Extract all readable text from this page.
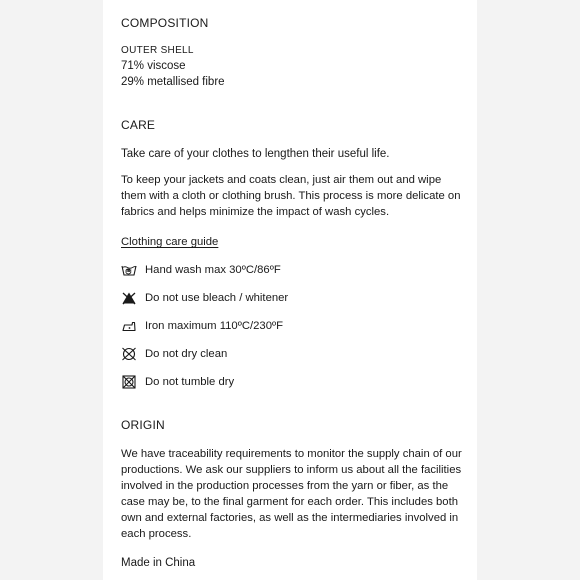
COMPOSITION
OUTER SHELL
71% viscose
29% metallised fibre
CARE
Take care of your clothes to lengthen their useful life.
To keep your jackets and coats clean, just air them out and wipe them with a cloth or clothing brush. This process is more delicate on fabrics and helps minimize the impact of wash cycles.
Clothing care guide
Hand wash max 30ºC/86ºF
Do not use bleach / whitener
Iron maximum 110ºC/230ºF
Do not dry clean
Do not tumble dry
ORIGIN
We have traceability requirements to monitor the supply chain of our productions. We ask our suppliers to inform us about all the facilities involved in the production processes from the yarn or fiber, as the case may be, to the final garment for each order. This includes both own and external factories, as well as the intermediaries involved in each process.
Made in China
